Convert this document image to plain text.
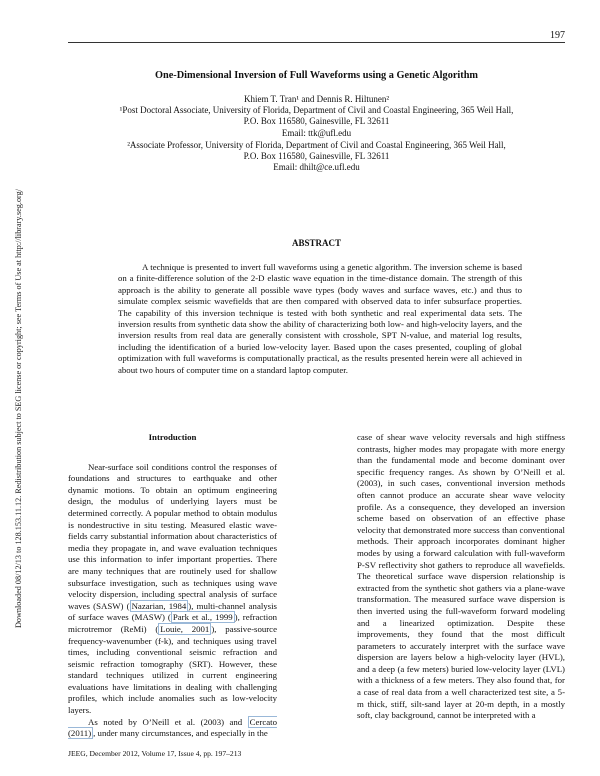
197
Downloaded 08/12/13 to 128.153.11.12. Redistribution subject to SEG license or copyright; see Terms of Use at http://library.seg.org/
One-Dimensional Inversion of Full Waveforms using a Genetic Algorithm

Khiem T. Tran¹ and Dennis R. Hiltunen²

¹Post Doctoral Associate, University of Florida, Department of Civil and Coastal Engineering, 365 Weil Hall,

P.O. Box 116580, Gainesville, FL 32611

Email: ttk@ufl.edu

²Associate Professor, University of Florida, Department of Civil and Coastal Engineering, 365 Weil Hall,

P.O. Box 116580, Gainesville, FL 32611

Email: dhilt@ce.ufl.edu

ABSTRACT

A technique is presented to invert full waveforms using a genetic algorithm. The inversion scheme is based on a finite-difference solution of the 2-D elastic wave equation in the time-distance domain. The strength of this approach is the ability to generate all possible wave types (body waves and surface waves, etc.) and thus to simulate complex seismic wavefields that are then compared with observed data to infer subsurface properties. The capability of this inversion technique is tested with both synthetic and real experimental data sets. The inversion results from synthetic data show the ability of characterizing both low- and high-velocity layers, and the inversion results from real data are generally consistent with crosshole, SPT N-value, and material log results, including the identification of a buried low-velocity layer. Based upon the cases presented, coupling of global optimization with full waveforms is computationally practical, as the results presented herein were all achieved in about two hours of computer time on a standard laptop computer.

Introduction

Near-surface soil conditions control the responses of foundations and structures to earthquake and other dynamic motions. To obtain an optimum engineering design, the modulus of underlying layers must be determined correctly. A popular method to obtain modulus is nondestructive in situ testing. Measured elastic wave-fields carry substantial information about characteristics of media they propagate in, and wave evaluation techniques use this information to infer important properties. There are many techniques that are routinely used for shallow subsurface investigation, such as techniques using wave velocity dispersion, including spectral analysis of surface waves (SASW) ( Nazarian, 1984 ), multi-channel analysis of surface waves (MASW) ( Park et al., 1999 ), refraction microtremor (ReMi) ( Louie, 2001 ), passive-source frequency-wavenumber (f-k), and techniques using travel times, including conventional seismic refraction and seismic refraction tomography (SRT). However, these standard techniques utilized in current engineering evaluations have limitations in dealing with challenging profiles, which include anomalies such as low-velocity layers.

As noted by O’Neill et al. (2003) and Cercato (2011) , under many circumstances, and especially in the

case of shear wave velocity reversals and high stiffness contrasts, higher modes may propagate with more energy than the fundamental mode and become dominant over specific frequency ranges. As shown by O’Neill et al. (2003), in such cases, conventional inversion methods often cannot produce an accurate shear wave velocity profile. As a consequence, they developed an inversion scheme based on observation of an effective phase velocity that demonstrated more success than conventional methods. Their approach incorporates dominant higher modes by using a forward calculation with full-waveform P-SV reflectivity shot gathers to reproduce all wavefields. The theoretical surface wave dispersion relationship is extracted from the synthetic shot gathers via a plane-wave transformation. The measured surface wave dispersion is then inverted using the full-waveform forward modeling and a linearized optimization. Despite these improvements, they found that the most difficult parameters to accurately interpret with the surface wave dispersion are layers below a high-velocity layer (HVL), and a deep (a few meters) buried low-velocity layer (LVL) with a thickness of a few meters. They also found that, for a case of real data from a well characterized test site, a 5-m thick, stiff, silt-sand layer at 20-m depth, in a mostly soft, clay background, cannot be interpreted with a

JEEG, December 2012, Volume 17, Issue 4, pp. 197–213
